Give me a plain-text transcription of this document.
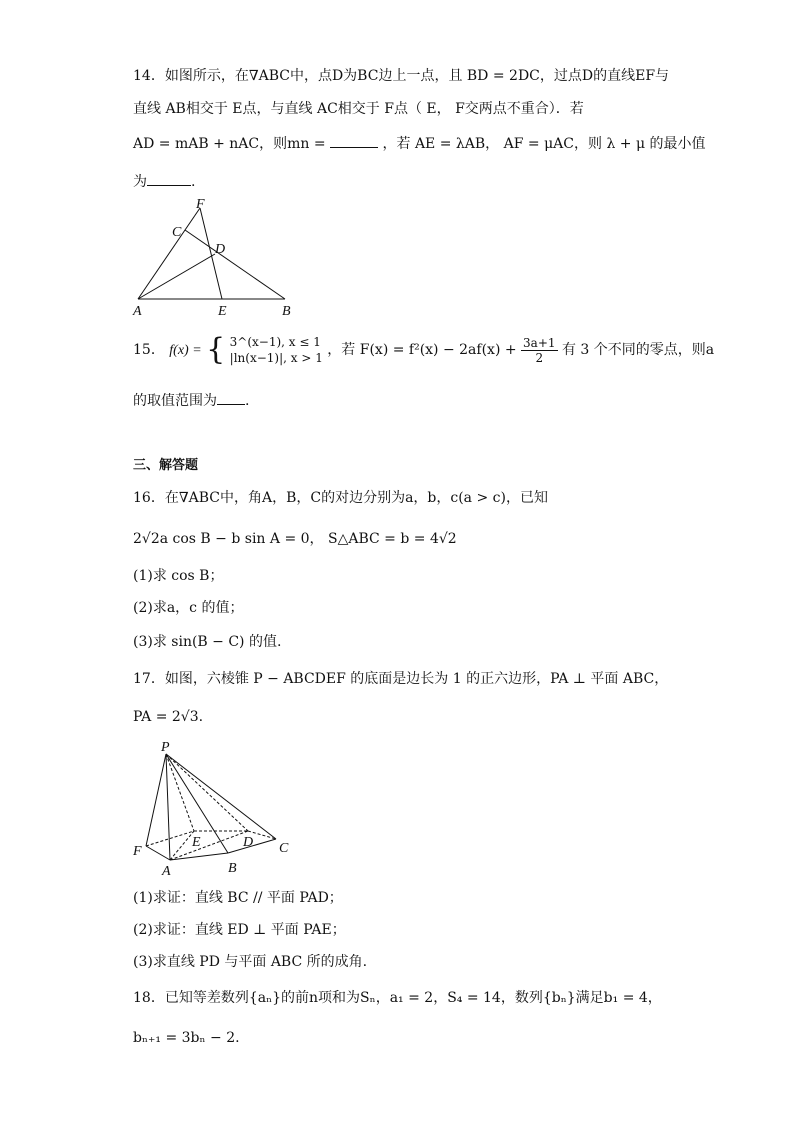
14．如图所示，在∇ABC中，点D为BC边上一点，且 BD = 2DC，过点D的直线EF与
直线 AB相交于 E点，与直线 AC相交于 F点（ E， F交两点不重合）．若
AD = mAB + nAC，则mn =	，若 AE = λAB， AF = μAC，则 λ + μ 的最小值
为	.
F
C
D
A	E	B
15． f(x) = { 3^(x−1), x ≤ 1
|ln(x−1)|, x > 1 ，若 $F(x) = f^2(x) - 2af(x) + \frac{3a+1}{2}$ 有 3 个不同的零点，则a
的取值范围为 .
三、解答题
16．在∇ABC中，角A，B，C的对边分别为a，b，c(a > c)，已知
2√2a cos B − b sin A = 0， S△ABC = b = 4√2
(1)求 cos B；
(2)求a，c 的值；
(3)求 sin(B − C) 的值.
17．如图，六棱锥 P − ABCDEF 的底面是边长为 1 的正六边形，PA ⊥ 平面 ABC，
PA = 2√3.
P
E	D C
F
A	B
(1)求证：直线 BC // 平面 PAD；
(2)求证：直线 ED ⊥ 平面 PAE；
(3)求直线 PD 与平面 ABC 所的成角.
18．已知等差数列{aₙ}的前n项和为Sₙ，a₁ = 2，S₄ = 14，数列{bₙ}满足b₁ = 4，
bₙ₊₁ = 3bₙ − 2.
